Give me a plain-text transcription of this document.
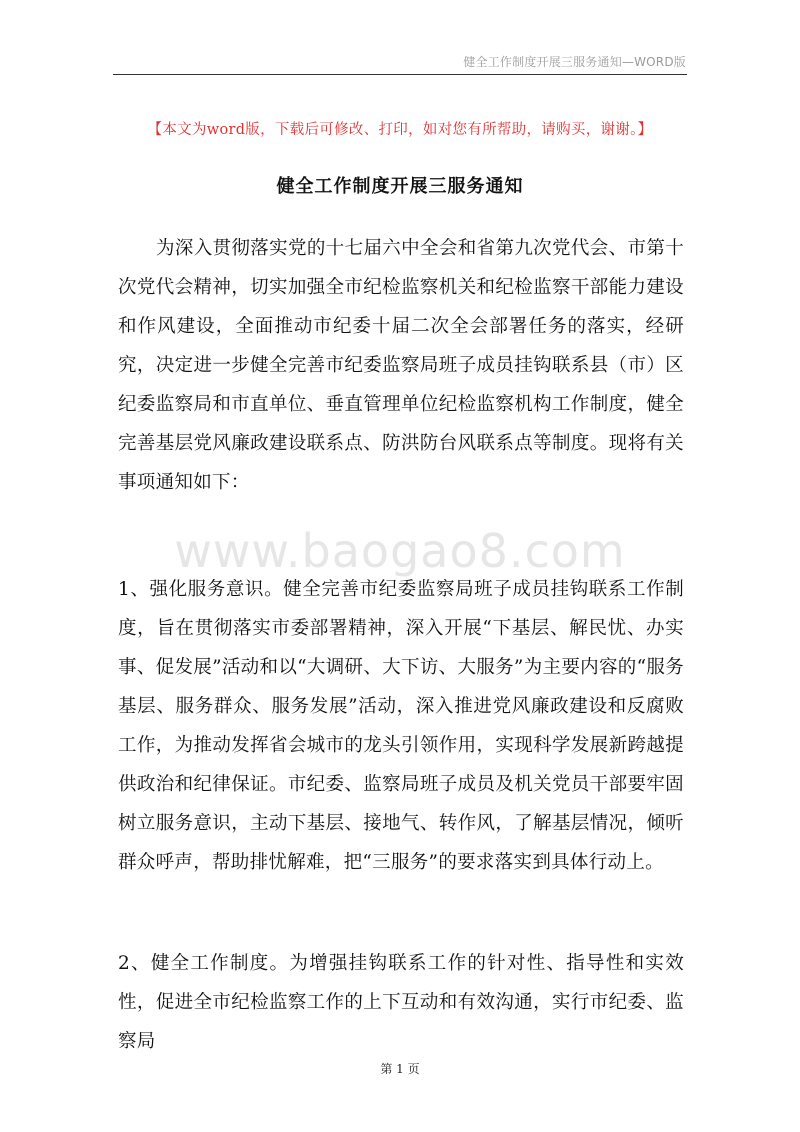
健全工作制度开展三服务通知—WORD版
【本文为word版，下载后可修改、打印，如对您有所帮助，请购买，谢谢。】
健全工作制度开展三服务通知

为深入贯彻落实党的十七届六中全会和省第九次党代会、市第十次党代会精神，切实加强全市纪检监察机关和纪检监察干部能力建设和作风建设，全面推动市纪委十届二次全会部署任务的落实，经研究，决定进一步健全完善市纪委监察局班子成员挂钩联系县（市）区纪委监察局和市直单位、垂直管理单位纪检监察机构工作制度，健全完善基层党风廉政建设联系点、防洪防台风联系点等制度。现将有关事项通知如下：

www.baogao8.com

1、强化服务意识。健全完善市纪委监察局班子成员挂钩联系工作制度，旨在贯彻落实市委部署精神，深入开展“下基层、解民忧、办实事、促发展”活动和以“大调研、大下访、大服务”为主要内容的“服务基层、服务群众、服务发展”活动，深入推进党风廉政建设和反腐败工作，为推动发挥省会城市的龙头引领作用，实现科学发展新跨越提供政治和纪律保证。市纪委、监察局班子成员及机关党员干部要牢固树立服务意识，主动下基层、接地气、转作风，了解基层情况，倾听群众呼声，帮助排忧解难，把“三服务”的要求落实到具体行动上。

2、健全工作制度。为增强挂钩联系工作的针对性、指导性和实效性，促进全市纪检监察工作的上下互动和有效沟通，实行市纪委、监察局

第 1 页
